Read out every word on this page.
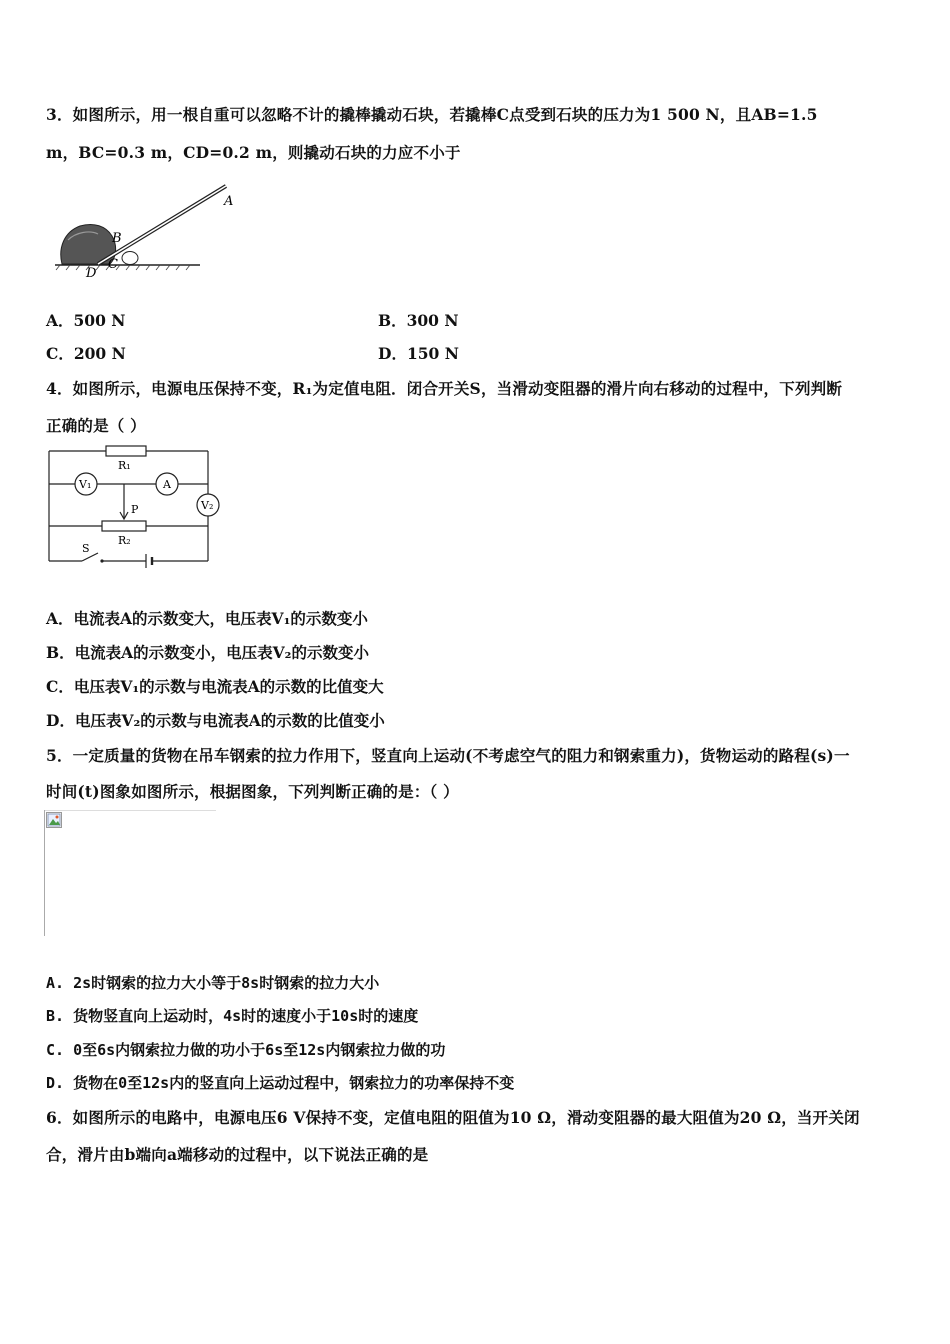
3．如图所示，用一根自重可以忽略不计的撬棒撬动石块，若撬棒C点受到石块的压力为1 500 N，且AB=1.5
m，BC=0.3 m，CD=0.2 m，则撬动石块的力应不小于
A
B
C
D
A．500 N	B．300 N
C．200 N	D．150 N
4．如图所示，电源电压保持不变，R₁为定值电阻．闭合开关S，当滑动变阻器的滑片向右移动的过程中，下列判断
正确的是（ ）
R₁
V₁	A
V₂
P
R₂
S
A．电流表A的示数变大，电压表V₁的示数变小
B．电流表A的示数变小，电压表V₂的示数变小
C．电压表V₁的示数与电流表A的示数的比值变大
D．电压表V₂的示数与电流表A的示数的比值变小
5．一定质量的货物在吊车钢索的拉力作用下，竖直向上运动(不考虑空气的阻力和钢索重力)，货物运动的路程(s)一
时间(t)图象如图所示，根据图象，下列判断正确的是：（ ）
A. 2s时钢索的拉力大小等于8s时钢索的拉力大小
B. 货物竖直向上运动时，4s时的速度小于10s时的速度
C. 0至6s内钢索拉力做的功小于6s至12s内钢索拉力做的功
D. 货物在0至12s内的竖直向上运动过程中，钢索拉力的功率保持不变
6．如图所示的电路中，电源电压6 V保持不变，定值电阻的阻值为10 Ω，滑动变阻器的最大阻值为20 Ω，当开关闭
合，滑片由b端向a端移动的过程中，以下说法正确的是
